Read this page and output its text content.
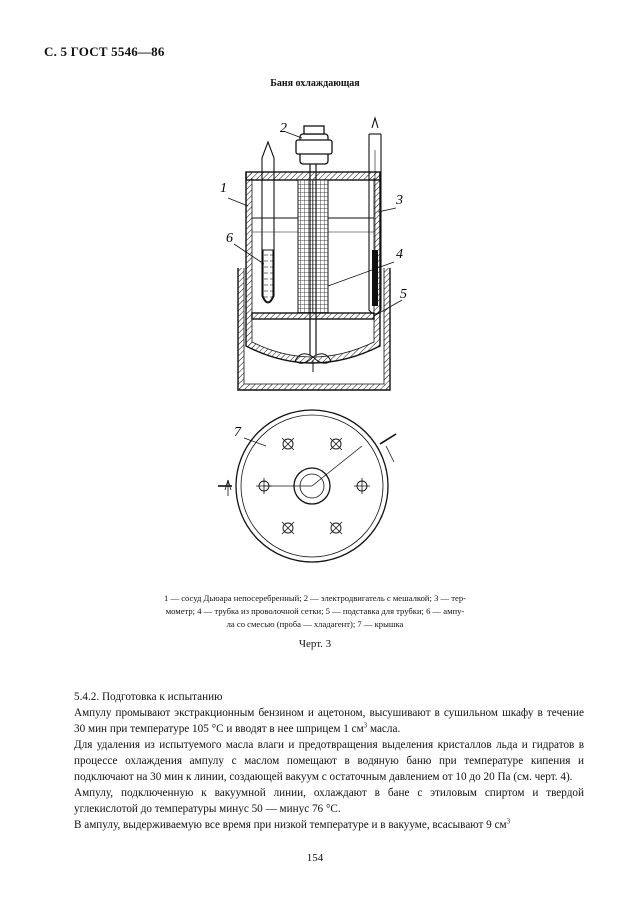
С. 5 ГОСТ 5546—86
Баня охлаждающая
1
2
3
4
5
6
7
1 — сосуд Дьюара непосеребренный; 2 — электродвигатель с мешалкой; 3 — тер-
мометр; 4 — трубка из проволочной сетки; 5 — подставка для трубки; 6 — ампу-
ла со смесью (проба — хладагент); 7 — крышка
Черт. 3

5.4.2. Подготовка к испытанию

Ампулу промывают экстракционным бензином и ацетоном, высушивают в сушильном шкафу в течение 30 мин при температуре 105 °С и вводят в нее шприцем 1 $см^3$ масла.

Для удаления из испытуемого масла влаги и предотвращения выделения кристаллов льда и гидратов в процессе охлаждения ампулу с маслом помещают в водяную баню при температуре кипения и подключают на 30 мин к линии, создающей вакуум с остаточным давлением от 10 до 20 Па (см. черт. 4).

Ампулу, подключенную к вакуумной линии, охлаждают в бане с этиловым спиртом и твердой углекислотой до температуры минус 50 — минус 76 °С.

В ампулу, выдерживаемую все время при низкой температуре и в вакууме, всасывают 9 $см^3$

154
